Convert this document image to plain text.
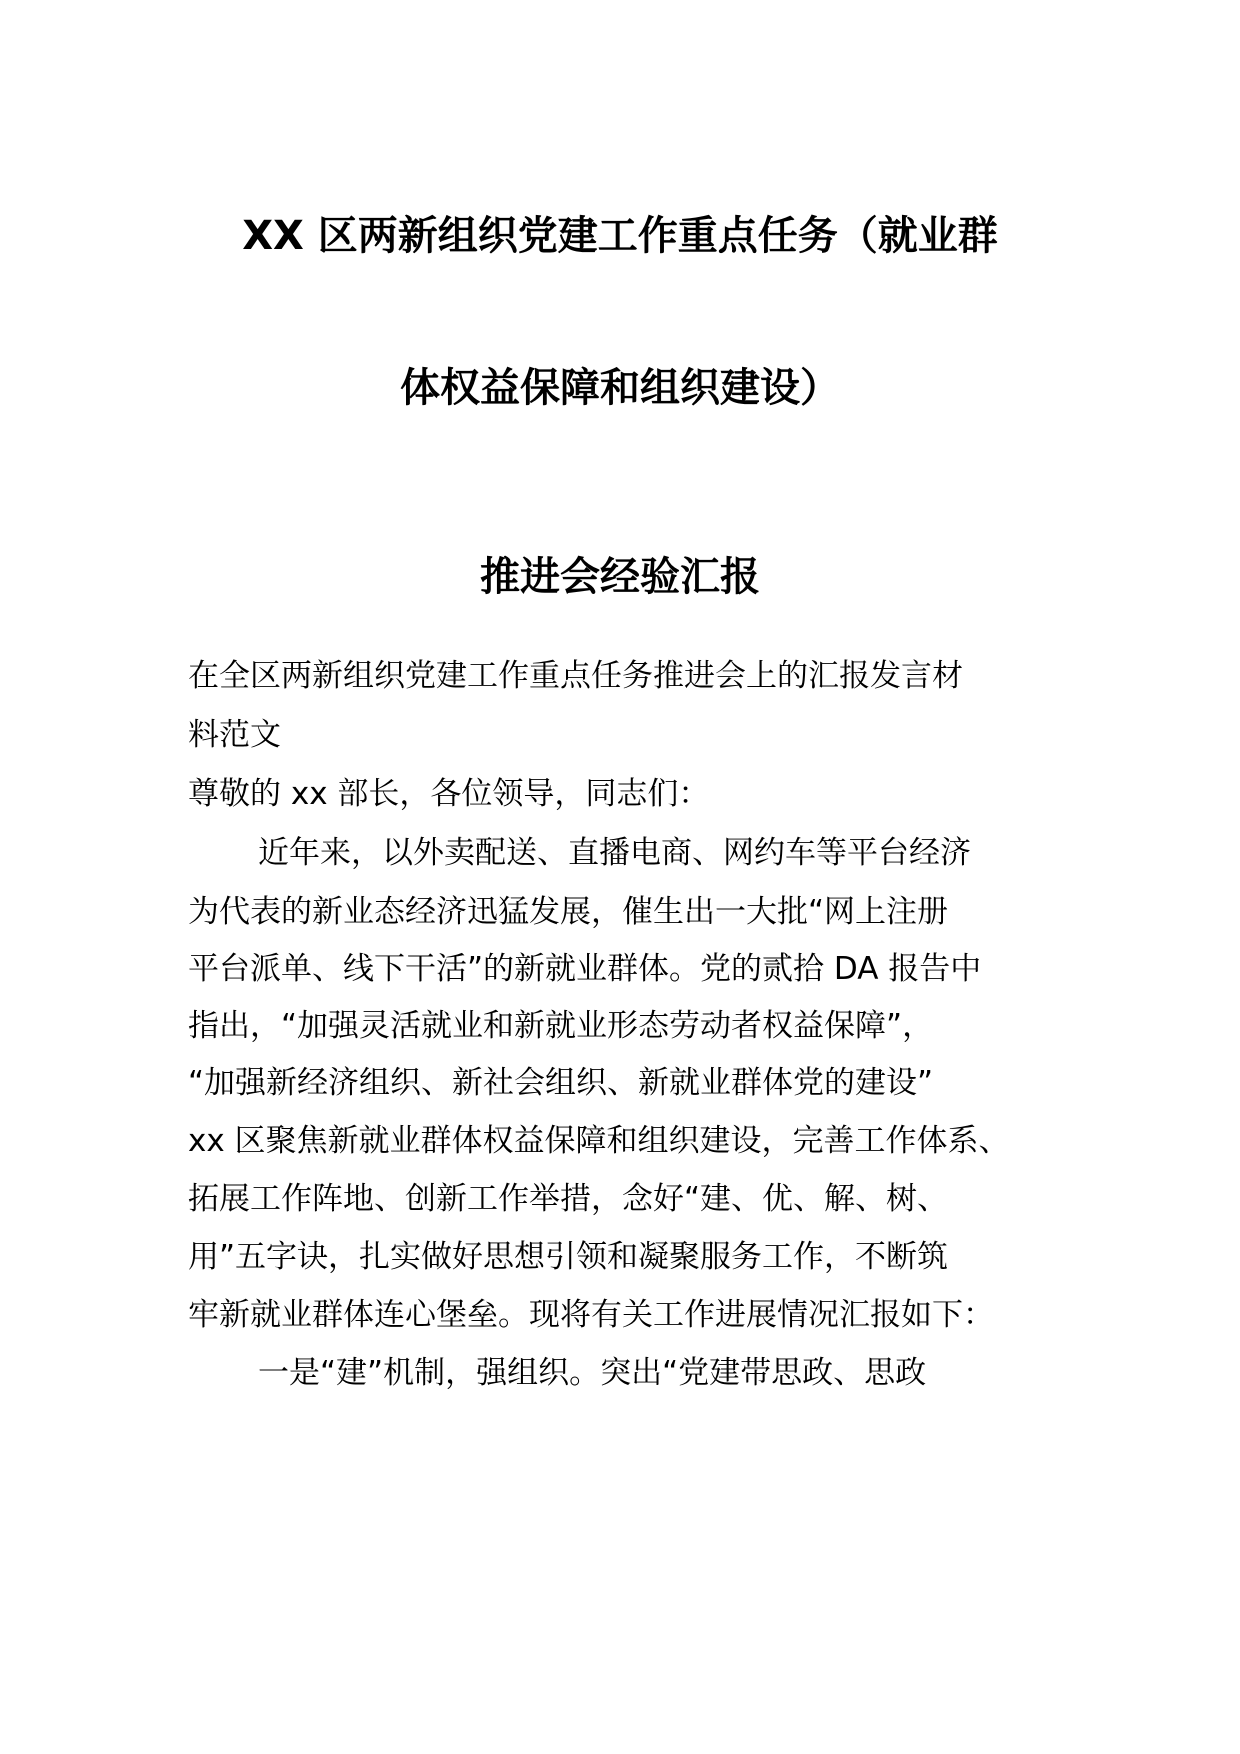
XX 区两新组织党建工作重点任务（就业群
体权益保障和组织建设）
推进会经验汇报
在全区两新组织党建工作重点任务推进会上的汇报发言材
料范文
尊敬的 xx 部长，各位领导，同志们：
近年来，以外卖配送、直播电商、网约车等平台经济
为代表的新业态经济迅猛发展，催生出一大批“网上注册
平台派单、线下干活”的新就业群体。党的贰拾 DA 报告中
指出，“加强灵活就业和新就业形态劳动者权益保障”，
“加强新经济组织、新社会组织、新就业群体党的建设”
xx 区聚焦新就业群体权益保障和组织建设，完善工作体系、
拓展工作阵地、创新工作举措，念好“建、优、解、树、
用”五字诀，扎实做好思想引领和凝聚服务工作，不断筑
牢新就业群体连心堡垒。现将有关工作进展情况汇报如下：
一是“建”机制，强组织。突出“党建带思政、思政
